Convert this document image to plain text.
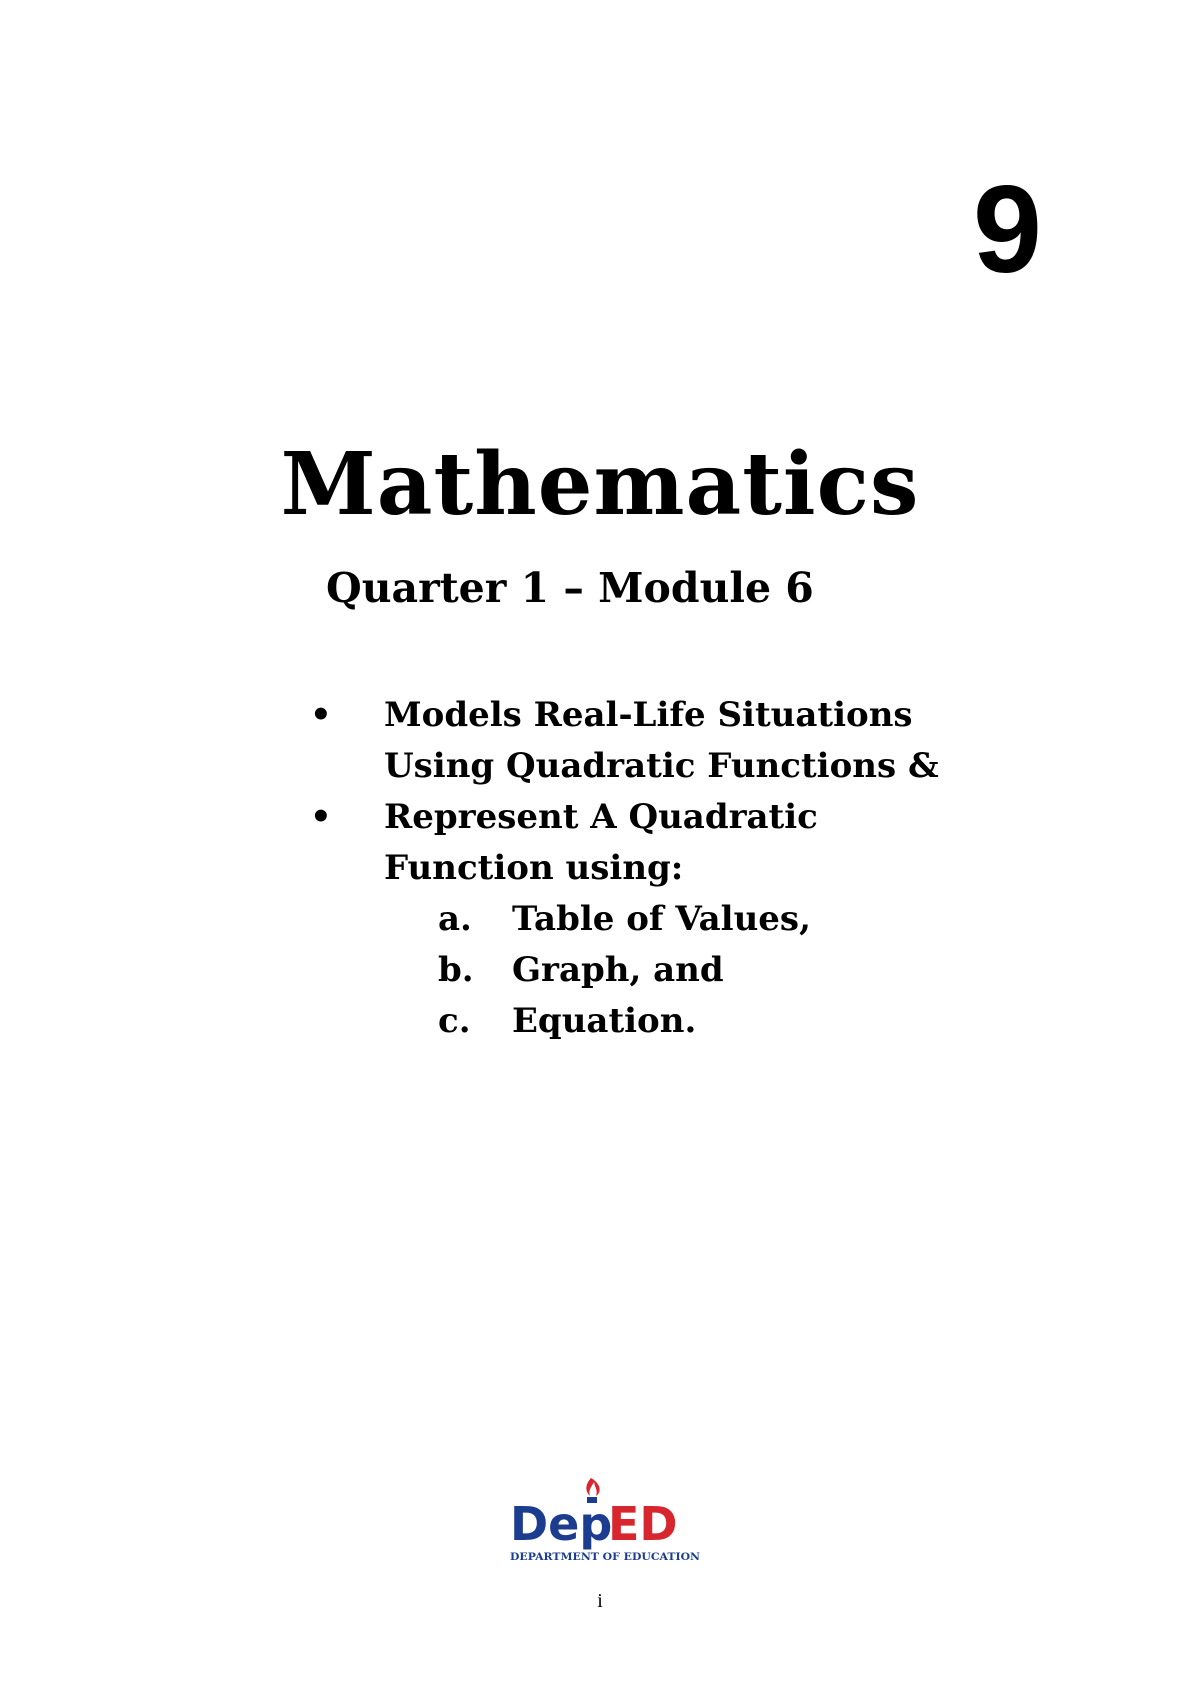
9
Mathematics
Quarter 1 – Module 6
•	Models Real-Life Situations
Using Quadratic Functions &
•	Represent A Quadratic
Function using:
a.	Table of Values,
b.	Graph, and
c.	Equation.
Dep
ED
DEPARTMENT OF EDUCATION
i
